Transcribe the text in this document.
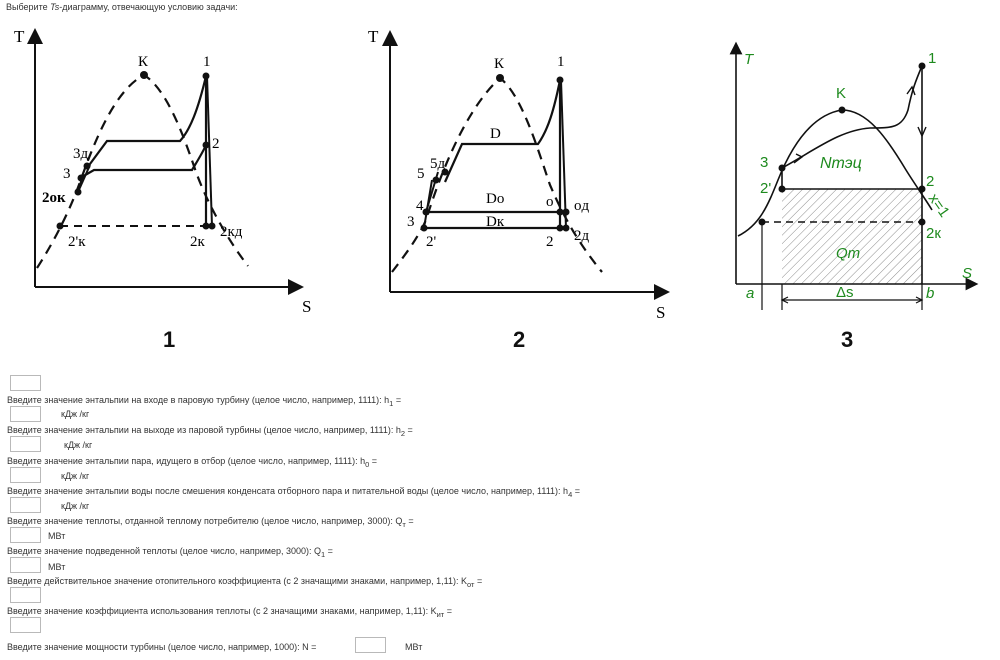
Выберите Ts-диаграмму, отвечающую условию задачи:
T
S
К	1
2
3д
3
2ок
2'к	2к
2кд
1
T
S
К	1
D
5д
5
4
3
2'
Do
Dк
o oд
2 2д
2
T
S
K
1
3
2'
Nтэц
2
x=1
2к
Qт
a	Δs	b
3
Введите значение энтальпии на входе в паровую турбину (целое число, например, 1111): $h_1$ =
кДж /кг
Введите значение энтальпии на выходе из паровой турбины (целое число, например, 1111): $h_2$ =
кДж /кг
Введите значение энтальпии пара, идущего в отбор (целое число, например, 1111): $h_0$ =
кДж /кг
Введите значение энтальпии воды после смешения конденсата отборного пара и питательной воды (целое число, например, 1111): $h_4$ =
кДж /кг
Введите значение теплоты, отданной теплому потребителю (целое число, например, 3000): $Q_т$ =
МВт
Введите значение подведенной теплоты (целое число, например, 3000): $Q_1$ =
МВт
Введите действительное значение отопительного коэффициента (с 2 значащими знаками, например, 1,11): $K_{от}$ =
Введите значение коэффициента использования теплоты (с 2 значащими знаками, например, 1,11): $K_{ит}$ =
Введите значение мощности турбины (целое число, например, 1000): N =	МВт
